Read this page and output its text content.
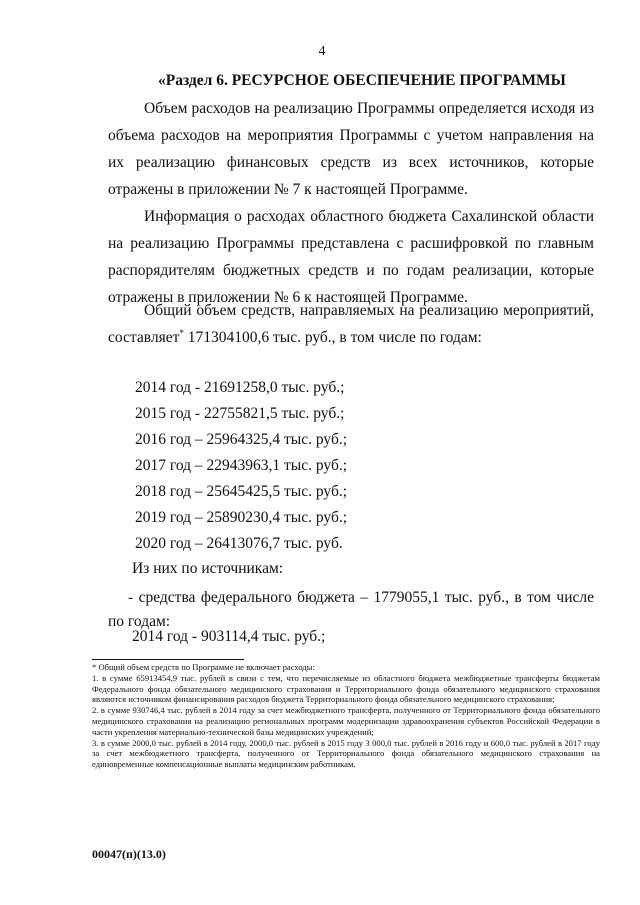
4
«Раздел 6. РЕСУРСНОЕ ОБЕСПЕЧЕНИЕ ПРОГРАММЫ
Объем расходов на реализацию Программы определяется исходя из объема расходов на мероприятия Программы с учетом направления на их реализацию финансовых средств из всех источников, которые отражены в приложении № 7 к настоящей Программе.
Информация о расходах областного бюджета Сахалинской области на реализацию Программы представлена с расшифровкой по главным распорядителям бюджетных средств и по годам реализации, которые отражены в приложении № 6 к настоящей Программе.
Общий объем средств, направляемых на реализацию мероприятий, составляет* 171304100,6 тыс. руб., в том числе по годам:
2014 год - 21691258,0 тыс. руб.;
2015 год - 22755821,5 тыс. руб.;
2016 год – 25964325,4 тыс. руб.;
2017 год – 22943963,1 тыс. руб.;
2018 год – 25645425,5 тыс. руб.;
2019 год – 25890230,4 тыс. руб.;
Из них по источникам:
- средства федерального бюджета – 1779055,1 тыс. руб., в том числе по годам:
2014 год - 903114,4 тыс. руб.;

* Общий объем средств по Программе не включает расходы:

1. в сумме 65913454,9 тыс. рублей в связи с тем, что перечисляемые из областного бюджета межбюджетные трансферты бюджетам Федерального фонда обязательного медицинского страхования и Территориального фонда обязательного медицинского страхования являются источником финансирования расходов бюджета Территориального фонда обязательного медицинского страхования;

2. в сумме 930746,4 тыс. рублей в 2014 году за счет межбюджетного трансферта, полученного от Территориального фонда обязательного медицинского страхования на реализацию региональных программ модернизации здравоохранения субъектов Российской Федерации в части укрепления материально-технической базы медицинских учреждений;

3. в сумме 2000,0 тыс. рублей в 2014 году, 2000,0 тыс. рублей в 2015 году 3 000,0 тыс. рублей в 2016 году и 600,0 тыс. рублей в 2017 году за счет межбюджетного трансферта, полученного от Территориального фонда обязательного медицинского страхования на единовременные компенсационные выплаты медицинским работникам.

00047(п)(13.0)
2020 год – 26413076,7 тыс. руб.
